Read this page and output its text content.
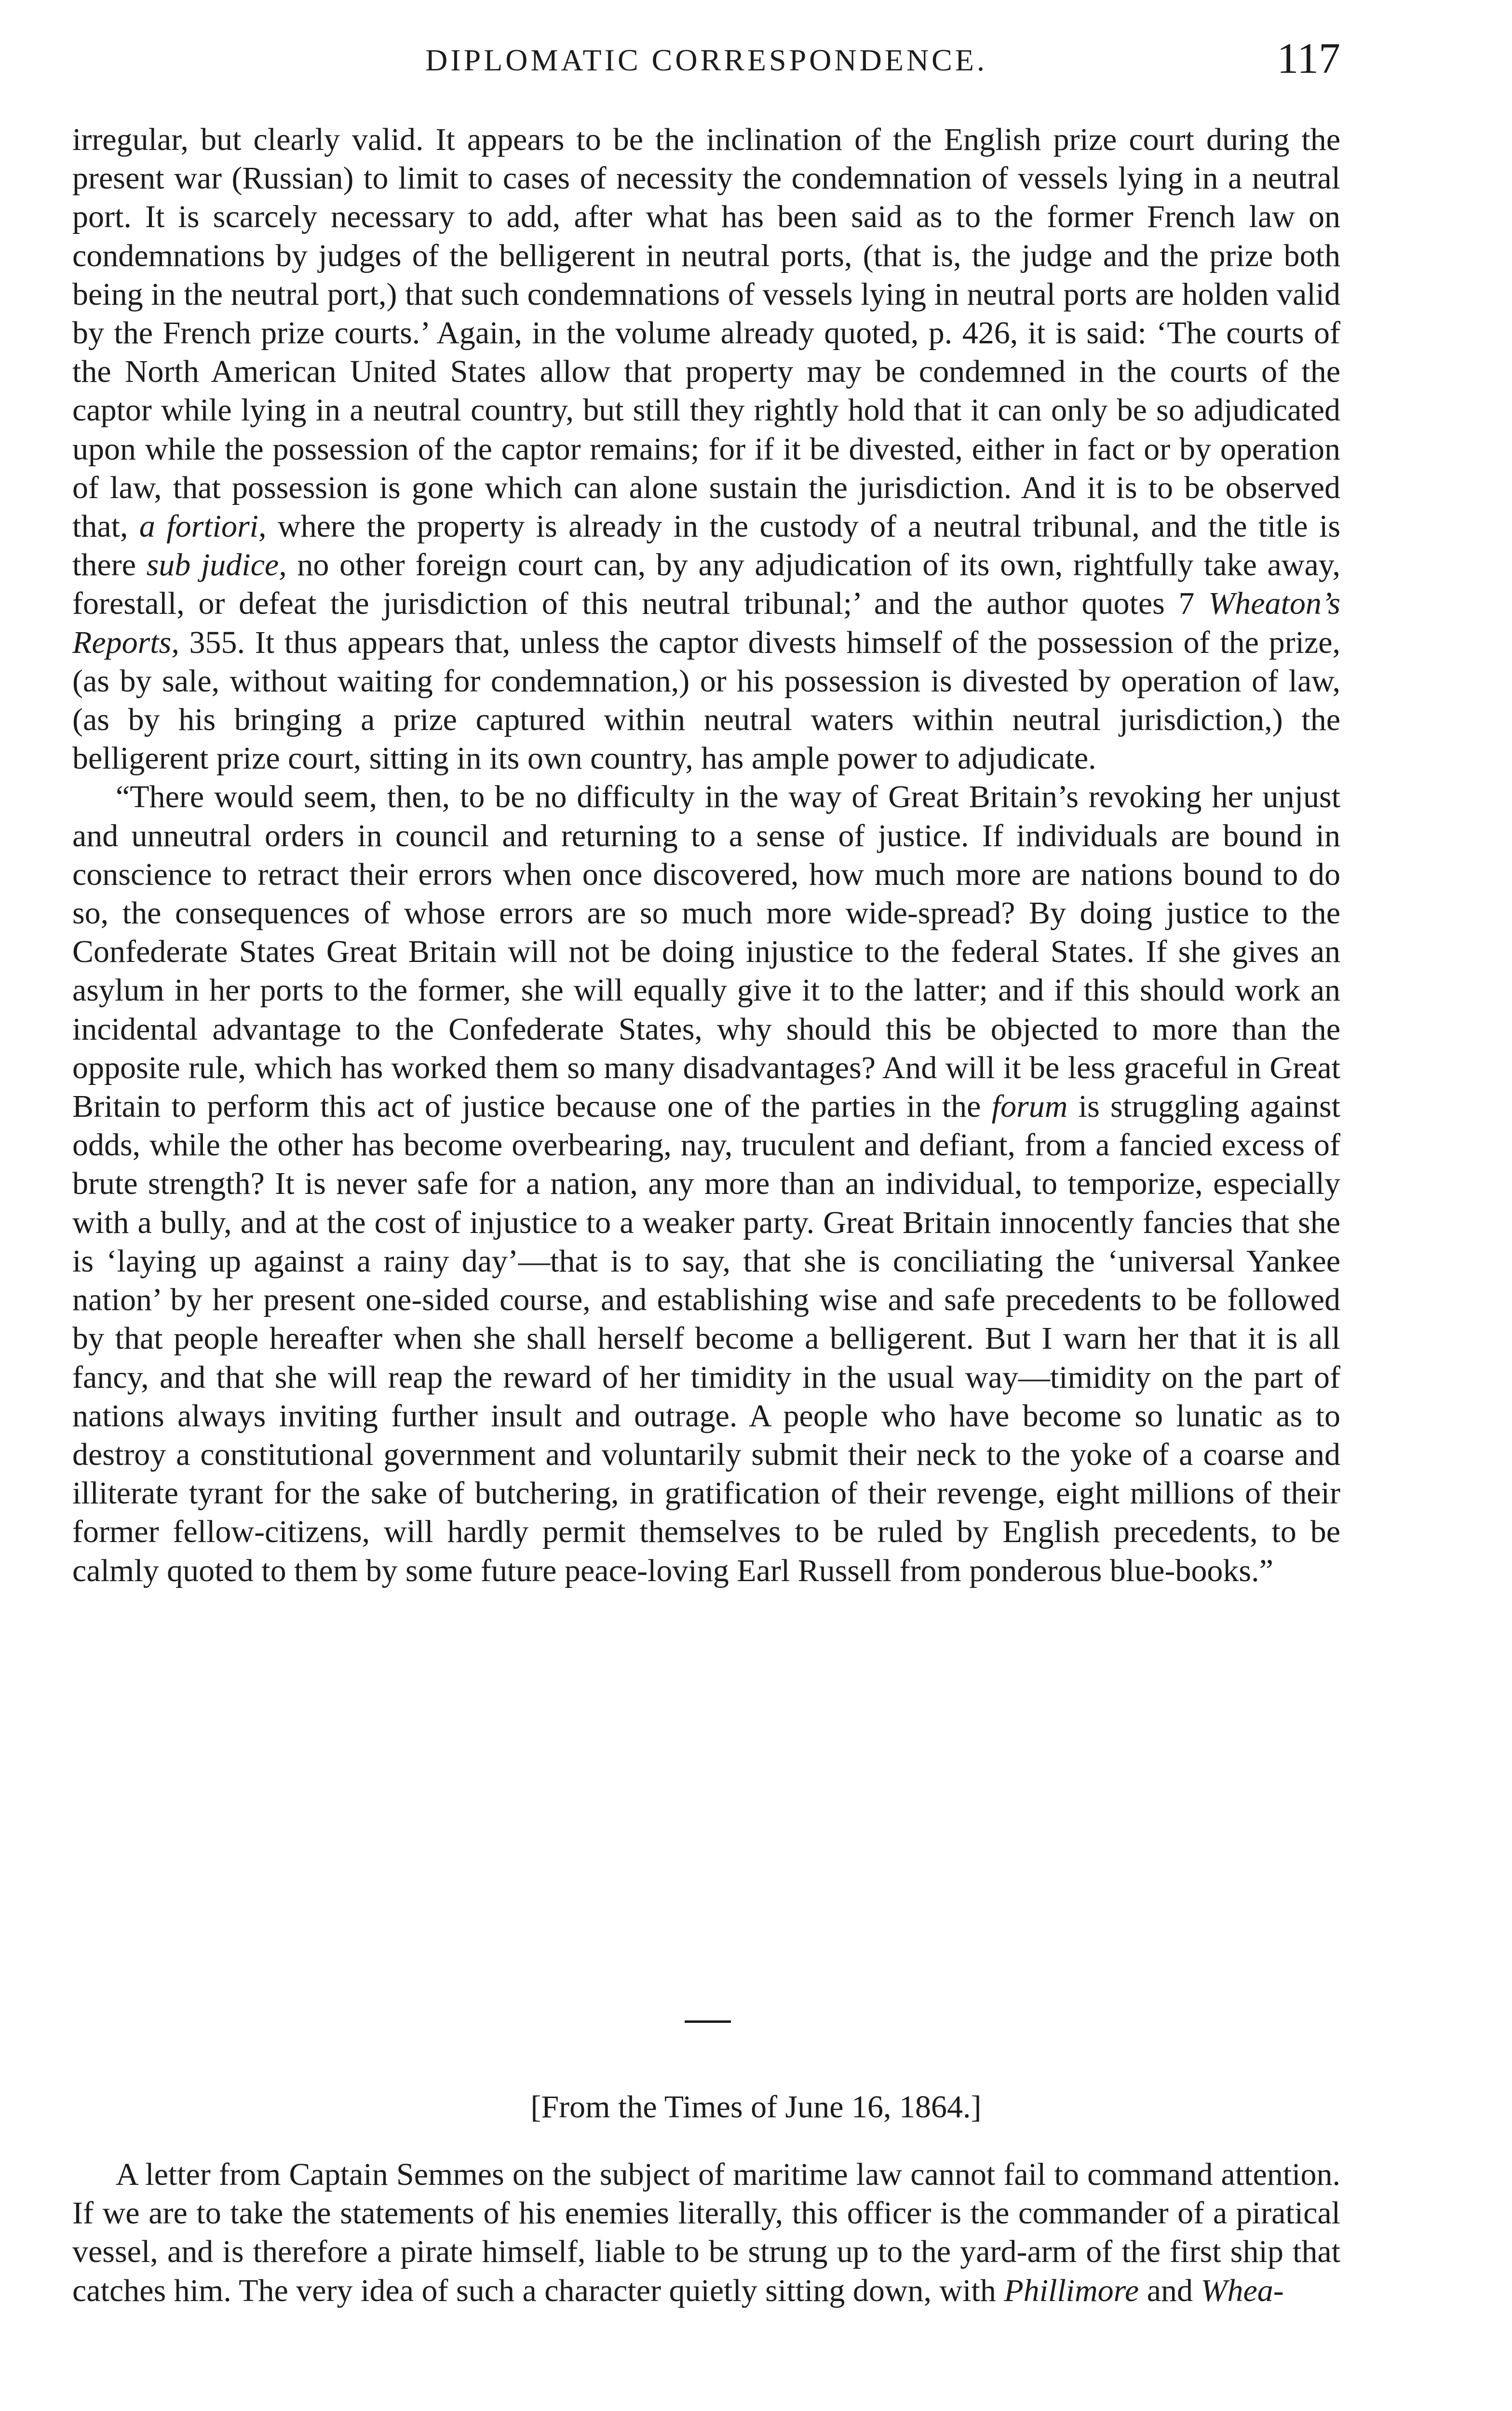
DIPLOMATIC CORRESPONDENCE.	117

irregular, but clearly valid. It appears to be the inclination of the English prize court during the present war (Russian) to limit to cases of necessity the condemnation of vessels lying in a neutral port. It is scarcely necessary to add, after what has been said as to the former French law on condemnations by judges of the belligerent in neutral ports, (that is, the judge and the prize both being in the neutral port,) that such condemnations of vessels lying in neutral ports are holden valid by the French prize courts.’ Again, in the volume already quoted, p. 426, it is said: ‘The courts of the North American United States allow that property may be condemned in the courts of the captor while lying in a neutral country, but still they rightly hold that it can only be so adjudicated upon while the possession of the captor remains; for if it be divested, either in fact or by operation of law, that possession is gone which can alone sustain the jurisdiction. And it is to be observed that, a fortiori, where the property is already in the custody of a neutral tribunal, and the title is there sub judice, no other foreign court can, by any adjudication of its own, rightfully take away, forestall, or defeat the jurisdiction of this neutral tribunal;’ and the author quotes 7 Wheaton’s Reports, 355. It thus appears that, unless the captor divests himself of the possession of the prize, (as by sale, without waiting for condemnation,) or his possession is divested by operation of law, (as by his bringing a prize captured within neutral waters within neutral jurisdiction,) the belligerent prize court, sitting in its own country, has ample power to adjudicate.

“There would seem, then, to be no difficulty in the way of Great Britain’s revoking her unjust and unneutral orders in council and returning to a sense of justice. If individuals are bound in conscience to retract their errors when once discovered, how much more are nations bound to do so, the consequences of whose errors are so much more wide-spread? By doing justice to the Confederate States Great Britain will not be doing injustice to the federal States. If she gives an asylum in her ports to the former, she will equally give it to the latter; and if this should work an incidental advantage to the Confederate States, why should this be objected to more than the opposite rule, which has worked them so many disadvantages? And will it be less graceful in Great Britain to perform this act of justice because one of the parties in the forum is struggling against odds, while the other has become overbearing, nay, truculent and defiant, from a fancied excess of brute strength? It is never safe for a nation, any more than an individual, to temporize, especially with a bully, and at the cost of injustice to a weaker party. Great Britain innocently fancies that she is ‘laying up against a rainy day’—that is to say, that she is conciliating the ‘universal Yankee nation’ by her present one-sided course, and establishing wise and safe precedents to be followed by that people hereafter when she shall herself become a belligerent. But I warn her that it is all fancy, and that she will reap the reward of her timidity in the usual way—timidity on the part of nations always inviting further insult and outrage. A people who have become so lunatic as to destroy a constitutional government and voluntarily submit their neck to the yoke of a coarse and illiterate tyrant for the sake of butchering, in gratification of their revenge, eight millions of their former fellow-citizens, will hardly permit themselves to be ruled by English precedents, to be calmly quoted to them by some future peace-loving Earl Russell from ponderous blue-books.”

[From the Times of June 16, 1864.]

A letter from Captain Semmes on the subject of maritime law cannot fail to command attention. If we are to take the statements of his enemies literally, this officer is the commander of a piratical vessel, and is therefore a pirate himself, liable to be strung up to the yard-arm of the first ship that catches him. The very idea of such a character quietly sitting down, with Phillimore and Whea-
